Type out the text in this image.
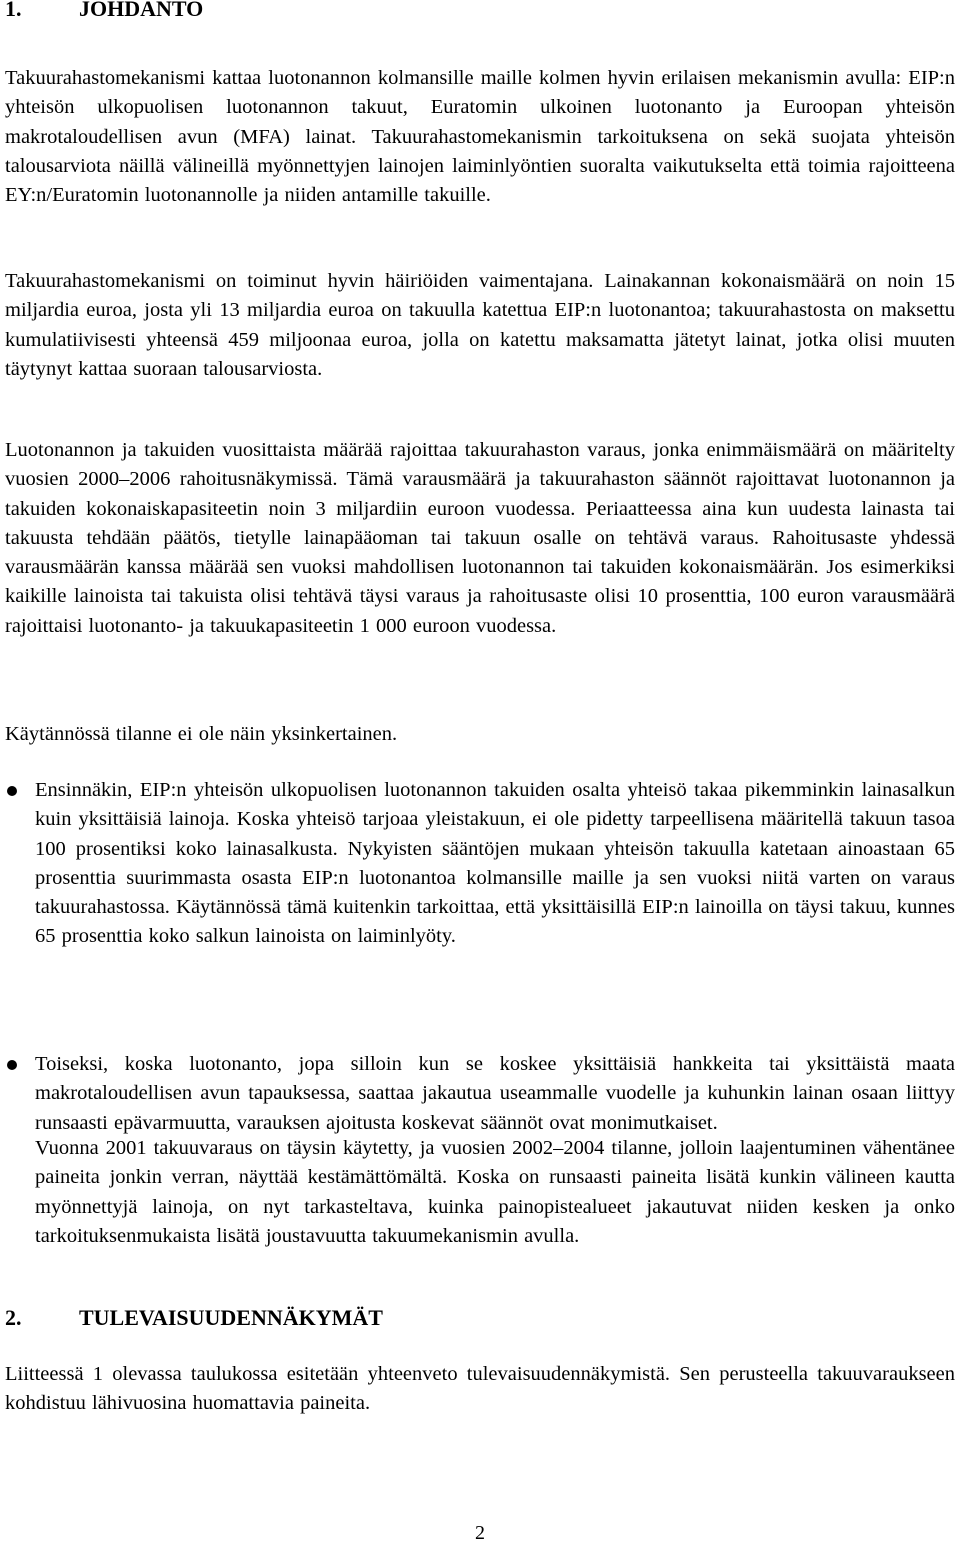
1.	JOHDANTO

Takuurahastomekanismi kattaa luotonannon kolmansille maille kolmen hyvin erilaisen mekanismin avulla: EIP:n yhteisön ulkopuolisen luotonannon takuut, Euratomin ulkoinen luotonanto ja Euroopan yhteisön makrotaloudellisen avun (MFA) lainat. Takuurahastomekanismin tarkoituksena on sekä suojata yhteisön talousarviota näillä välineillä myönnettyjen lainojen laiminlyöntien suoralta vaikutukselta että toimia rajoitteena EY:n/Euratomin luotonannolle ja niiden antamille takuille.

Takuurahastomekanismi on toiminut hyvin häiriöiden vaimentajana. Lainakannan kokonaismäärä on noin 15 miljardia euroa, josta yli 13 miljardia euroa on takuulla katettua EIP:n luotonantoa; takuurahastosta on maksettu kumulatiivisesti yhteensä 459 miljoonaa euroa, jolla on katettu maksamatta jätetyt lainat, jotka olisi muuten täytynyt kattaa suoraan talousarviosta.

Luotonannon ja takuiden vuosittaista määrää rajoittaa takuurahaston varaus, jonka enimmäismäärä on määritelty vuosien 2000–2006 rahoitusnäkymissä. Tämä varausmäärä ja takuurahaston säännöt rajoittavat luotonannon ja takuiden kokonaiskapasiteetin noin 3 miljardiin euroon vuodessa. Periaatteessa aina kun uudesta lainasta tai takuusta tehdään päätös, tietylle lainapääoman tai takuun osalle on tehtävä varaus. Rahoitusaste yhdessä varausmäärän kanssa määrää sen vuoksi mahdollisen luotonannon tai takuiden kokonaismäärän. Jos esimerkiksi kaikille lainoista tai takuista olisi tehtävä täysi varaus ja rahoitusaste olisi 10 prosenttia, 100 euron varausmäärä rajoittaisi luotonanto- ja takuukapasiteetin 1 000 euroon vuodessa.

Käytännössä tilanne ei ole näin yksinkertainen.

Ensinnäkin, EIP:n yhteisön ulkopuolisen luotonannon takuiden osalta yhteisö takaa pikemminkin lainasalkun kuin yksittäisiä lainoja. Koska yhteisö tarjoaa yleistakuun, ei ole pidetty tarpeellisena määritellä takuun tasoa 100 prosentiksi koko lainasalkusta. Nykyisten sääntöjen mukaan yhteisön takuulla katetaan ainoastaan 65 prosenttia suurimmasta osasta EIP:n luotonantoa kolmansille maille ja sen vuoksi niitä varten on varaus takuurahastossa. Käytännössä tämä kuitenkin tarkoittaa, että yksittäisillä EIP:n lainoilla on täysi takuu, kunnes 65 prosenttia koko salkun lainoista on laiminlyöty.

Toiseksi, koska luotonanto, jopa silloin kun se koskee yksittäisiä hankkeita tai yksittäistä maata makrotaloudellisen avun tapauksessa, saattaa jakautua useammalle vuodelle ja kuhunkin lainan osaan liittyy runsaasti epävarmuutta, varauksen ajoitusta koskevat säännöt ovat monimutkaiset.

Vuonna 2001 takuuvaraus on täysin käytetty, ja vuosien 2002–2004 tilanne, jolloin laajentuminen vähentänee paineita jonkin verran, näyttää kestämättömältä. Koska on runsaasti paineita lisätä kunkin välineen kautta myönnettyjä lainoja, on nyt tarkasteltava, kuinka painopistealueet jakautuvat niiden kesken ja onko tarkoituksenmukaista lisätä joustavuutta takuumekanismin avulla.

2.	TULEVAISUUDENNÄKYMÄT

Liitteessä 1 olevassa taulukossa esitetään yhteenveto tulevaisuudennäkymistä. Sen perusteella takuuvaraukseen kohdistuu lähivuosina huomattavia paineita.

2
